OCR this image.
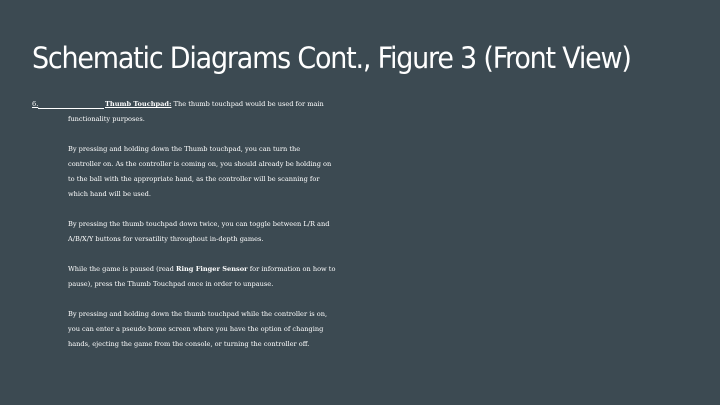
Schematic Diagrams Cont., Figure 3 (Front View)
6.	Thumb Touchpad: The thumb touchpad would be used for main

functionality purposes.

By pressing and holding down the Thumb touchpad, you can turn the

controller on. As the controller is coming on, you should already be holding on

to the ball with the appropriate hand, as the controller will be scanning for

which hand will be used.

By pressing the thumb touchpad down twice, you can toggle between L/R and

A/B/X/Y buttons for versatility throughout in-depth games.

While the game is paused (read Ring Finger Sensor for information on how to

pause), press the Thumb Touchpad once in order to unpause.

By pressing and holding down the thumb touchpad while the controller is on,

you can enter a pseudo home screen where you have the option of changing

hands, ejecting the game from the console, or turning the controller off.
